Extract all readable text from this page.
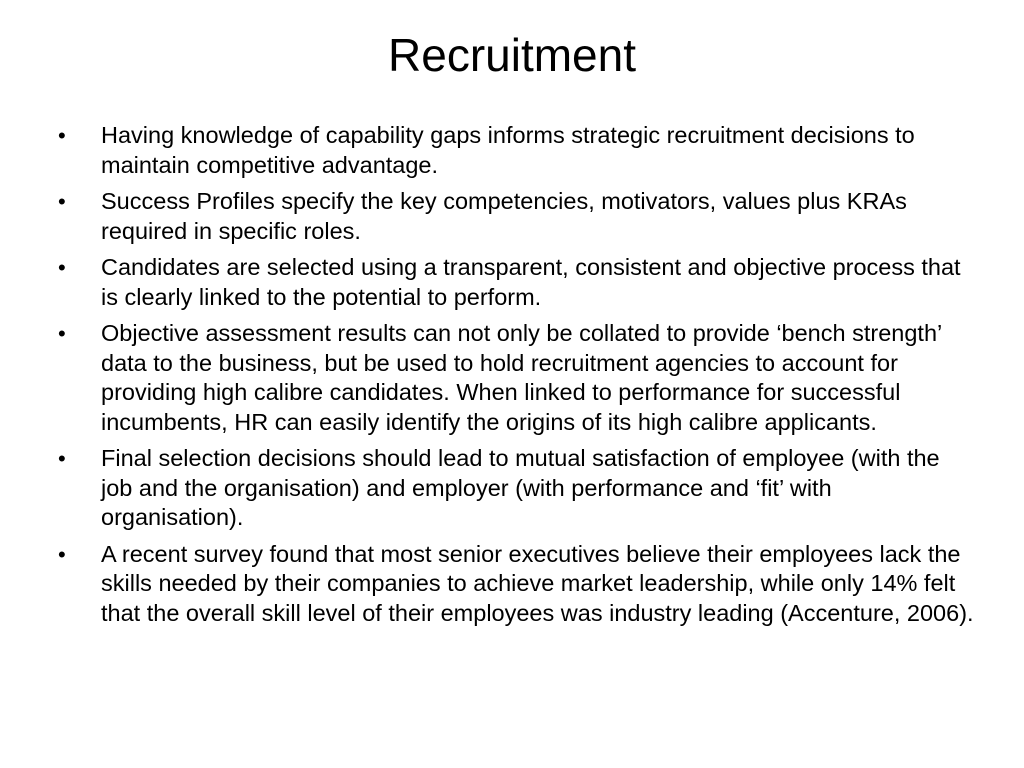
Recruitment
•	Having knowledge of capability gaps informs strategic recruitment decisions to maintain competitive advantage.
•	Success Profiles specify the key competencies, motivators, values plus KRAs required in specific roles.
•	Candidates are selected using a transparent, consistent and objective process that is clearly linked to the potential to perform.
•	Objective assessment results can not only be collated to provide ‘bench strength’ data to the business, but be used to hold recruitment agencies to account for providing high calibre candidates. When linked to performance for successful incumbents, HR can easily identify the origins of its high calibre applicants.
•	Final selection decisions should lead to mutual satisfaction of employee (with the job and the organisation) and employer (with performance and ‘fit’ with organisation).
•	A recent survey found that most senior executives believe their employees lack the skills needed by their companies to achieve market leadership, while only 14% felt that the overall skill level of their employees was industry leading (Accenture, 2006).
